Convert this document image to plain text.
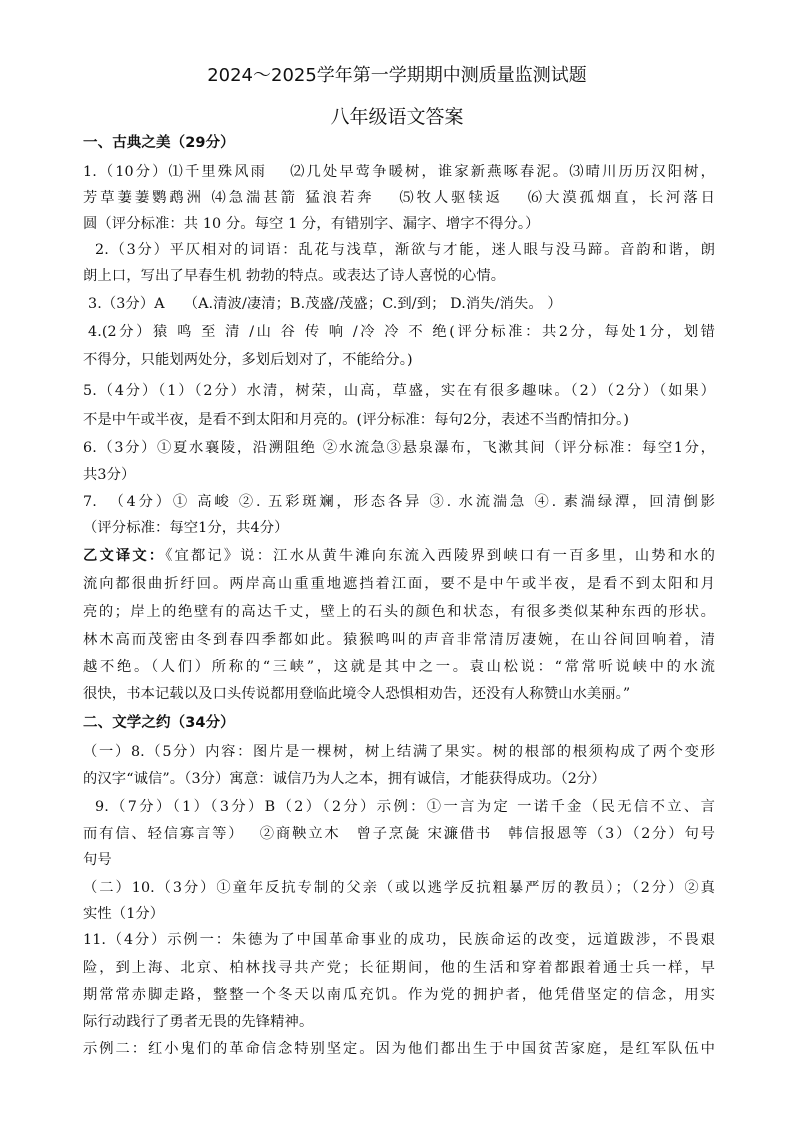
2024～2025学年第一学期期中测质量监测试题
八年级语文答案
一、古典之美（29分）
1.（10分）⑴千里殊风雨　 ⑵几处早莺争暖树，谁家新燕啄春泥。⑶晴川历历汉阳树，
芳草萋萋鹦鹉洲 ⑷急湍甚箭 猛浪若奔　 ⑸牧人驱犊返　 ⑹大漠孤烟直，长河落日
圆（评分标准：共 10 分。每空 1 分，有错别字、漏字、增字不得分。）
2.（3分）平仄相对的词语：乱花与浅草，渐欲与才能，迷人眼与没马蹄。音韵和谐，朗
朗上口，写出了早春生机 勃勃的特点。或表达了诗人喜悦的心情。
3.（3分）A　 （A.清波/凄清；B.茂盛/茂盛；C.到/到； D.消失/消失。 ）
4.(2分）猿 鸣 至 清 /山 谷 传 响 /冷 冷 不 绝(评分标准：共2分，每处1分，划错
不得分，只能划两处分，多划后划对了，不能给分。)
5.（4分）（1）（2分）水清，树荣，山高，草盛，实在有很多趣味。（2）（2分）（如果）
不是中午或半夜，是看不到太阳和月亮的。(评分标准：每句2分，表述不当酌情扣分。)
6.（3分）①夏水襄陵，沿溯阻绝 ②水流急③悬泉瀑布，飞漱其间（评分标准：每空1分，
共3分）
7.　（4分）① 高峻 ②. 五彩斑斓，形态各异 ③. 水流湍急 ④. 素湍绿潭，回清倒影
（评分标准：每空1分，共4分）
乙文译文：《宜都记》说：江水从黄牛滩向东流入西陵界到峡口有一百多里，山势和水的
流向都很曲折纡回。两岸高山重重地遮挡着江面，要不是中午或半夜，是看不到太阳和月
亮的；岸上的绝壁有的高达千丈，壁上的石头的颜色和状态，有很多类似某种东西的形状。
林木高而茂密由冬到春四季都如此。猿猴鸣叫的声音非常清厉凄婉，在山谷间回响着，清
越不绝。（人们）所称的“三峡”，这就是其中之一。袁山松说：“常常听说峡中的水流
很快，书本记载以及口头传说都用登临此境令人恐惧相劝告，还没有人称赞山水美丽。”
二、文学之约（34分）
（一）8.（5分）内容：图片是一棵树，树上结满了果实。树的根部的根须构成了两个变形
的汉字“诚信”。（3分）寓意：诚信乃为人之本，拥有诚信，才能获得成功。（2分）
9.（7分）（1）（3分）B（2）（2分）示例：①一言为定 一诺千金（民无信不立、言
而有信、轻信寡言等）　 ②商鞅立木　曾子烹彘 宋濂借书　韩信报恩等（3）（2分）句号
句号
（二）10.（3分）①童年反抗专制的父亲（或以逃学反抗粗暴严厉的教员）；（2分）②真
实性（1分）
11.（4分）示例一：朱德为了中国革命事业的成功，民族命运的改变，远道跋涉，不畏艰
险，到上海、北京、柏林找寻共产党；长征期间，他的生活和穿着都跟着通士兵一样，早
期常常赤脚走路，整整一个冬天以南瓜充饥。作为党的拥护者，他凭借坚定的信念，用实
际行动践行了勇者无畏的先锋精神。
示例二：红小鬼们的革命信念特别坚定。因为他们都出生于中国贫苦家庭，是红军队伍中
